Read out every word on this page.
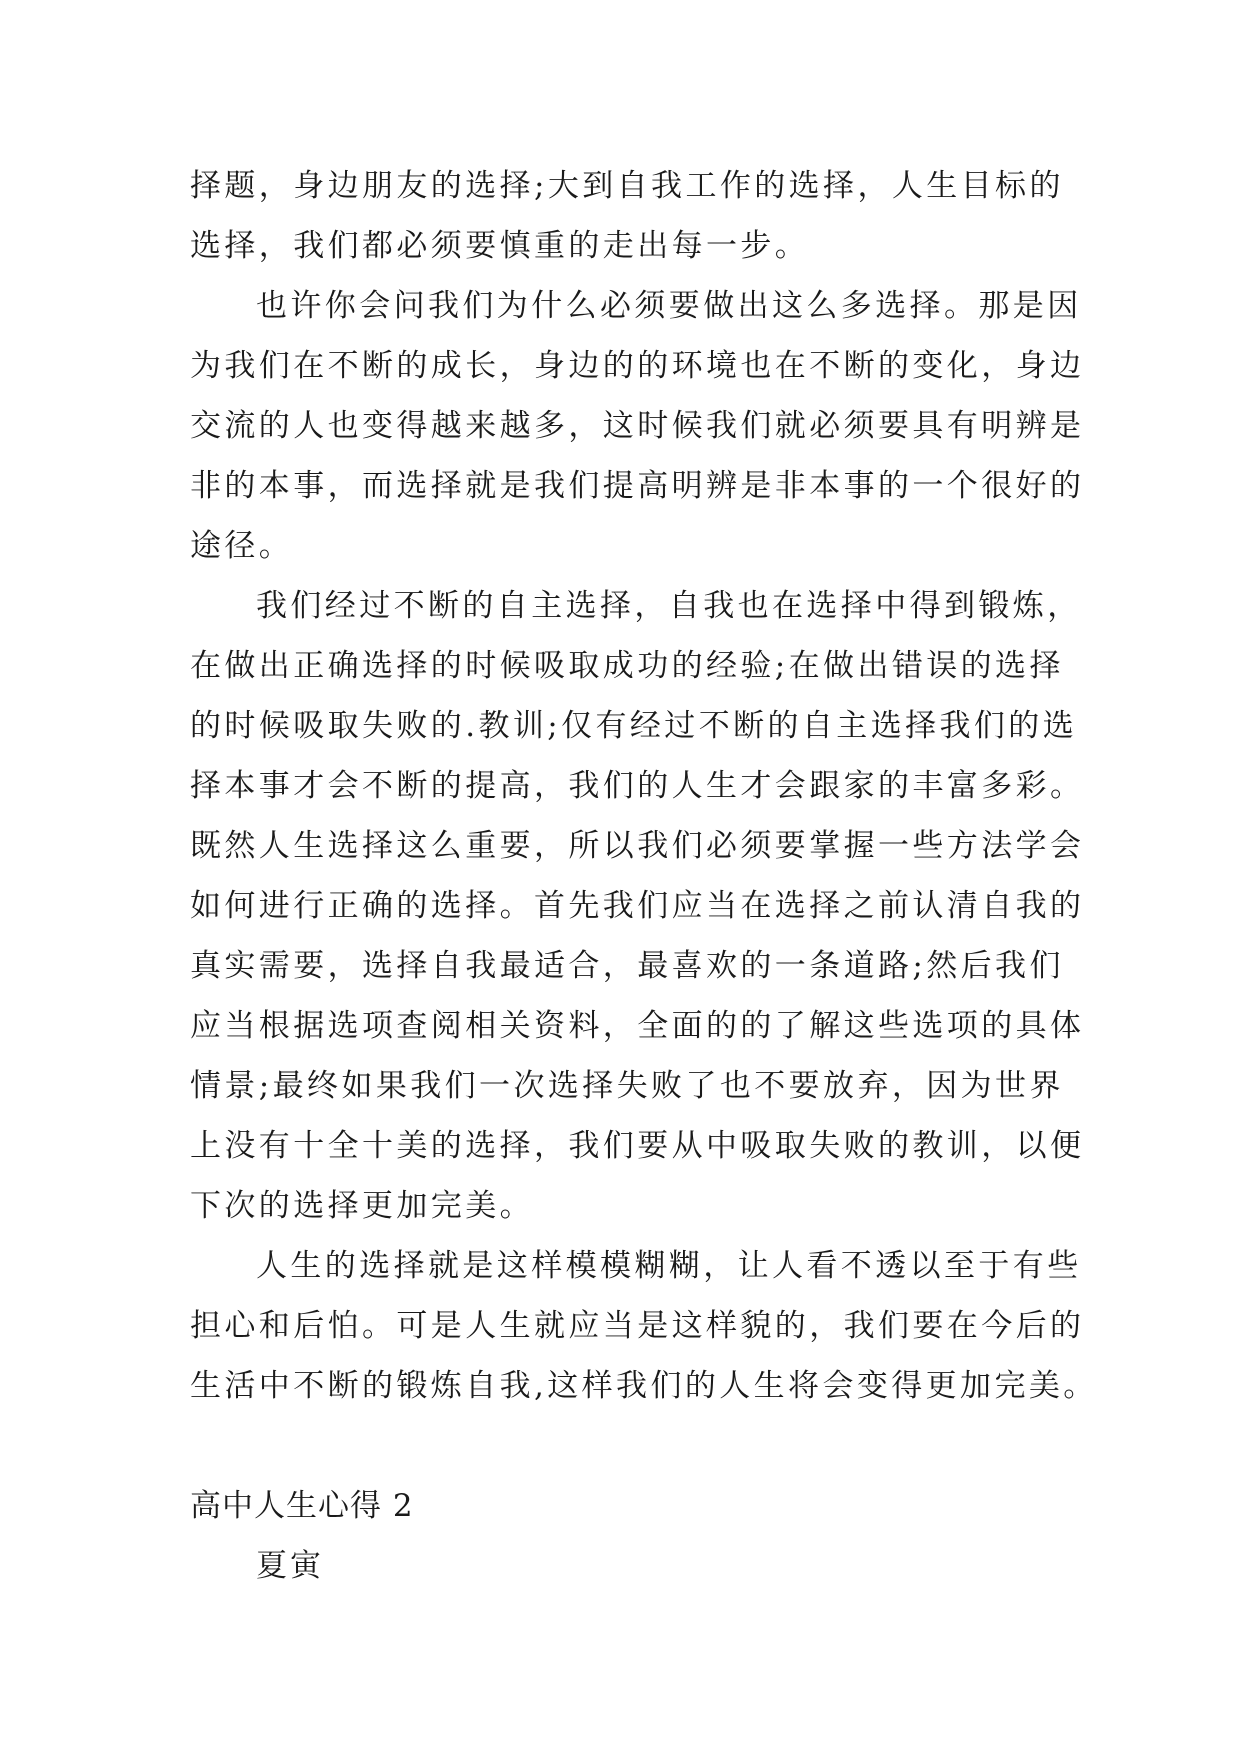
择题，身边朋友的选择;大到自我工作的选择，人生目标的
选择，我们都必须要慎重的走出每一步。
也许你会问我们为什么必须要做出这么多选择。那是因
为我们在不断的成长，身边的的环境也在不断的变化，身边
交流的人也变得越来越多，这时候我们就必须要具有明辨是
非的本事，而选择就是我们提高明辨是非本事的一个很好的
途径。
我们经过不断的自主选择，自我也在选择中得到锻炼，
在做出正确选择的时候吸取成功的经验;在做出错误的选择
的时候吸取失败的.教训;仅有经过不断的自主选择我们的选
择本事才会不断的提高，我们的人生才会跟家的丰富多彩。
既然人生选择这么重要，所以我们必须要掌握一些方法学会
如何进行正确的选择。首先我们应当在选择之前认清自我的
真实需要，选择自我最适合，最喜欢的一条道路;然后我们
应当根据选项查阅相关资料，全面的的了解这些选项的具体
情景;最终如果我们一次选择失败了也不要放弃，因为世界
上没有十全十美的选择，我们要从中吸取失败的教训，以便
下次的选择更加完美。
人生的选择就是这样模模糊糊，让人看不透以至于有些
担心和后怕。可是人生就应当是这样貌的，我们要在今后的
生活中不断的锻炼自我,这样我们的人生将会变得更加完美。
高中人生心得 2
夏寅
